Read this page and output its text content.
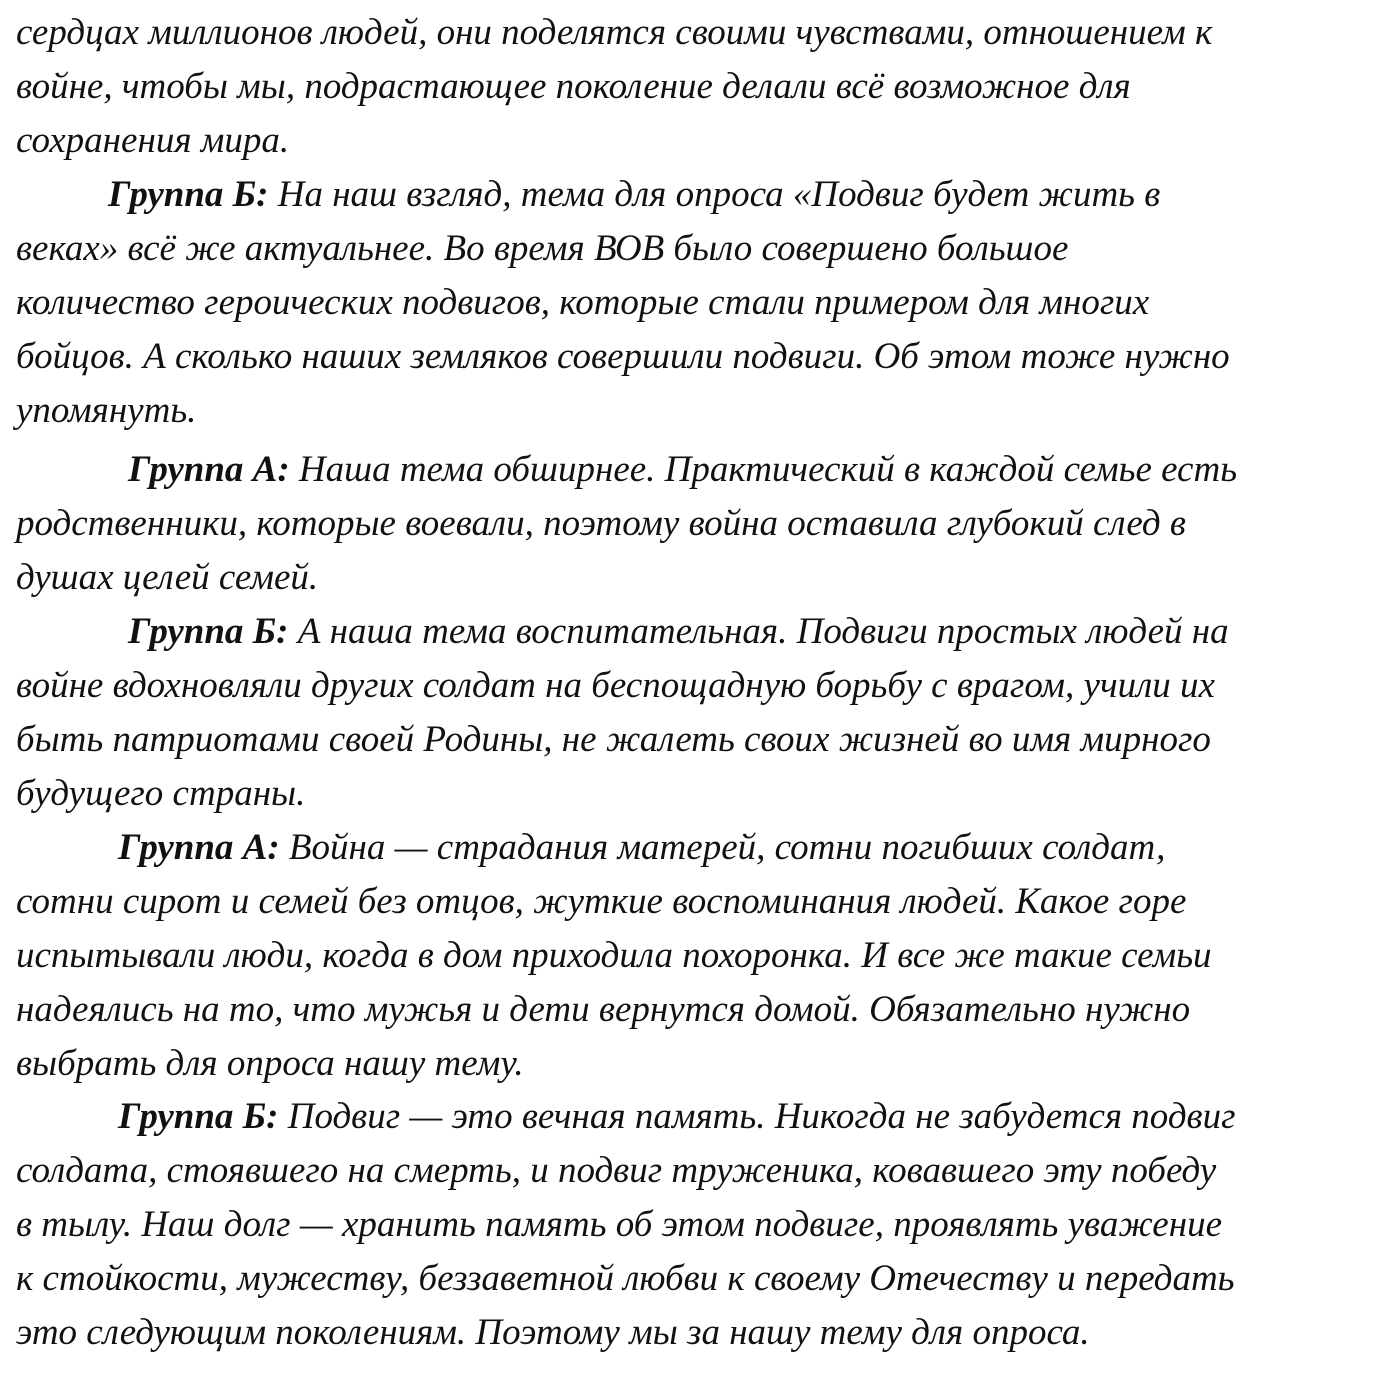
сердцах миллионов людей, они поделятся своими чувствами, отношением к
войне, чтобы мы, подрастающее поколение делали всё возможное для
сохранения мира.
Группа Б: На наш взгляд, тема для опроса «Подвиг будет жить в
веках» всё же актуальнее. Во время ВОВ было совершено большое
количество героических подвигов, которые стали примером для многих
бойцов. А сколько наших земляков совершили подвиги. Об этом тоже нужно
упомянуть.
Группа А: Наша тема обширнее. Практический в каждой семье есть
родственники, которые воевали, поэтому война оставила глубокий след в
душах целей семей.
Группа Б: А наша тема воспитательная. Подвиги простых людей на
войне вдохновляли других солдат на беспощадную борьбу с врагом, учили их
быть патриотами своей Родины, не жалеть своих жизней во имя мирного
будущего страны.
Группа А: Война — страдания матерей, сотни погибших солдат,
сотни сирот и семей без отцов, жуткие воспоминания людей. Какое горе
испытывали люди, когда в дом приходила похоронка. И все же такие семьи
надеялись на то, что мужья и дети вернутся домой. Обязательно нужно
выбрать для опроса нашу тему.
Группа Б: Подвиг — это вечная память. Никогда не забудется подвиг
солдата, стоявшего на смерть, и подвиг труженика, ковавшего эту победу
в тылу. Наш долг — хранить память об этом подвиге, проявлять уважение
к стойкости, мужеству, беззаветной любви к своему Отечеству и передать
это следующим поколениям. Поэтому мы за нашу тему для опроса.
